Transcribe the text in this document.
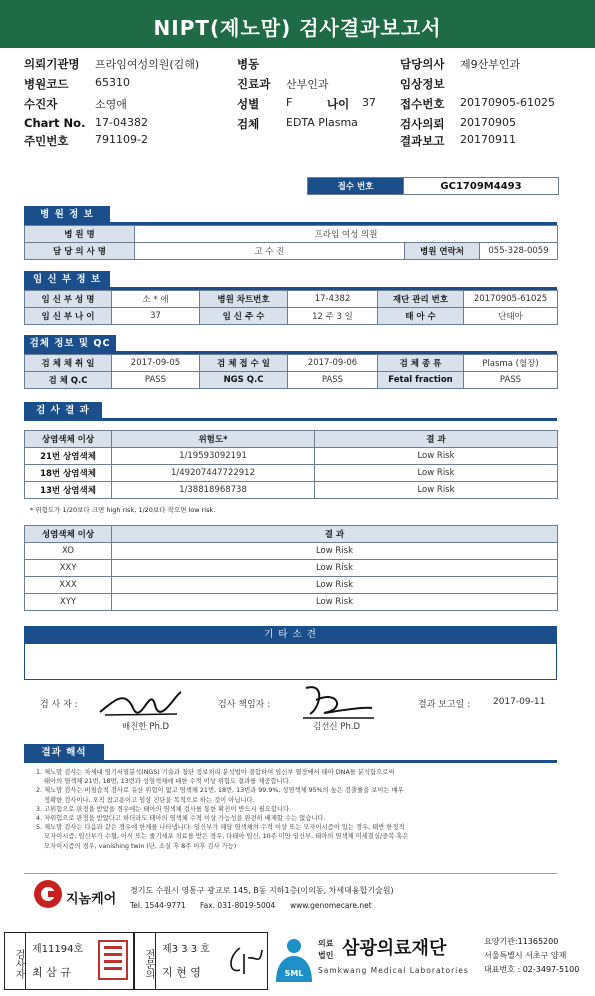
NIPT(제노맘) 검사결과보고서
의뢰기관명 프라임여성의원(김해)
병원코드 65310
수진자	소영애
Chart No. 17-04382
주민번호 791109-2
병동
진료과 산부인과
성별 F	나이 37
검체 EDTA Plasma
담당의사 제9산부인과
임상정보
접수번호 20170905-61025
검사의뢰 20170905
결과보고 20170911
접수 번호	GC1709M4493
병 원 정 보
병 원 명	프라임 여성 의원		
담 당 의 사 명	고 수 진	병원 연락처	055-328-0059
임 신 부 정 보
임 신 부 성 명	소 * 애	병원 차트번호	17-4382	재단 관리 번호	20170905-61025
임 신 부 나 이	37	임 신 주 수	12 주 3 일	태 아 수	단태아
검체 정보 및 QC
검 체 채 취 일	2017-09-05	검 체 접 수 일	2017-09-06	검 체 종 류	Plasma (혈장)
검 체 Q.C	PASS	NGS Q.C	PASS	Fetal fraction	PASS
검 사 결 과
상염색체 이상	위험도*	결 과
21번 상염색체	1/19593092191	Low Risk
18번 상염색체	1/49207447722912	Low Risk
13번 상염색체	1/38818968738	Low Risk
* 위험도가 1/20보다 크면 high risk, 1/20보다 작으면 low risk.
성염색체 이상	결 과
XO	Low Risk
XXY	Low Risk
XXX	Low Risk
XYY	Low Risk
기 타 소 견
검 사 자 :
배진한 Ph.D
검사 책임자 :
김선신 Ph.D
결과 보고일 :	2017-09-11
결과 해석
1. 제노맘 검사는 차세대 염기서열분석(NGS) 기술과 첨단 정보처리 분석법이 결합하여 임신부 혈장에서 태아 DNA를 분석함으로써
태아의 염색체 21번, 18번, 13번과 성염색체에 대한 수적 이상 위험도 결과를 제공합니다.
2. 제노맘 검사는 비침습적 검사로 유산 위험이 없고 염색체 21번, 18번, 13번과 99.9%, 성염색체 95%의 높은 검출률을 보이는 매우
정확한 검사이나, 오직 참고용이고 임상 진단을 목적으로 하는 것이 아닙니다.
3. 고위험으로 판정을 받았을 경우에는 태아의 염색체 검사를 통한 확진이 반드시 필요합니다.
4. 저위험으로 판정을 받았다고 하더라도 태아의 염색체 수적 이상 가능성을 완전히 배제할 수는 없습니다.
5. 제노맘 검사는 다음과 같은 경우에 한계를 나타냅니다: 임신부가 해당 염색체의 수적 이상 또는 모자이시즘이 있는 경우, 태반 한정적
모자이시즘, 임신부가 수혈, 이식 또는 줄기세포 치료를 받은 경우, 다태아 임신, 10주 미만 임신부, 태아의 염색체 미세결실/중복 혹은
모자이시즘의 경우, vanishing twin (단, 소실 후 8주 이후 검사 가능)
지놈케어
경기도 수원시 영통구 광교로 145, B동 지하1층(이의동, 차세대융합기술원)
Tel. 1544-9771 Fax. 031-8019-5004 www.genomecare.net
검사자 제11194호
최 삼 규	전문의 제3 3 3 호
지 현 영	SML
의료
법인 삼광의료재단
Samkwang Medical Laboratories
요양기관:11365200
서울특별시 서초구 양재
대표번호 : 02-3497-5100
